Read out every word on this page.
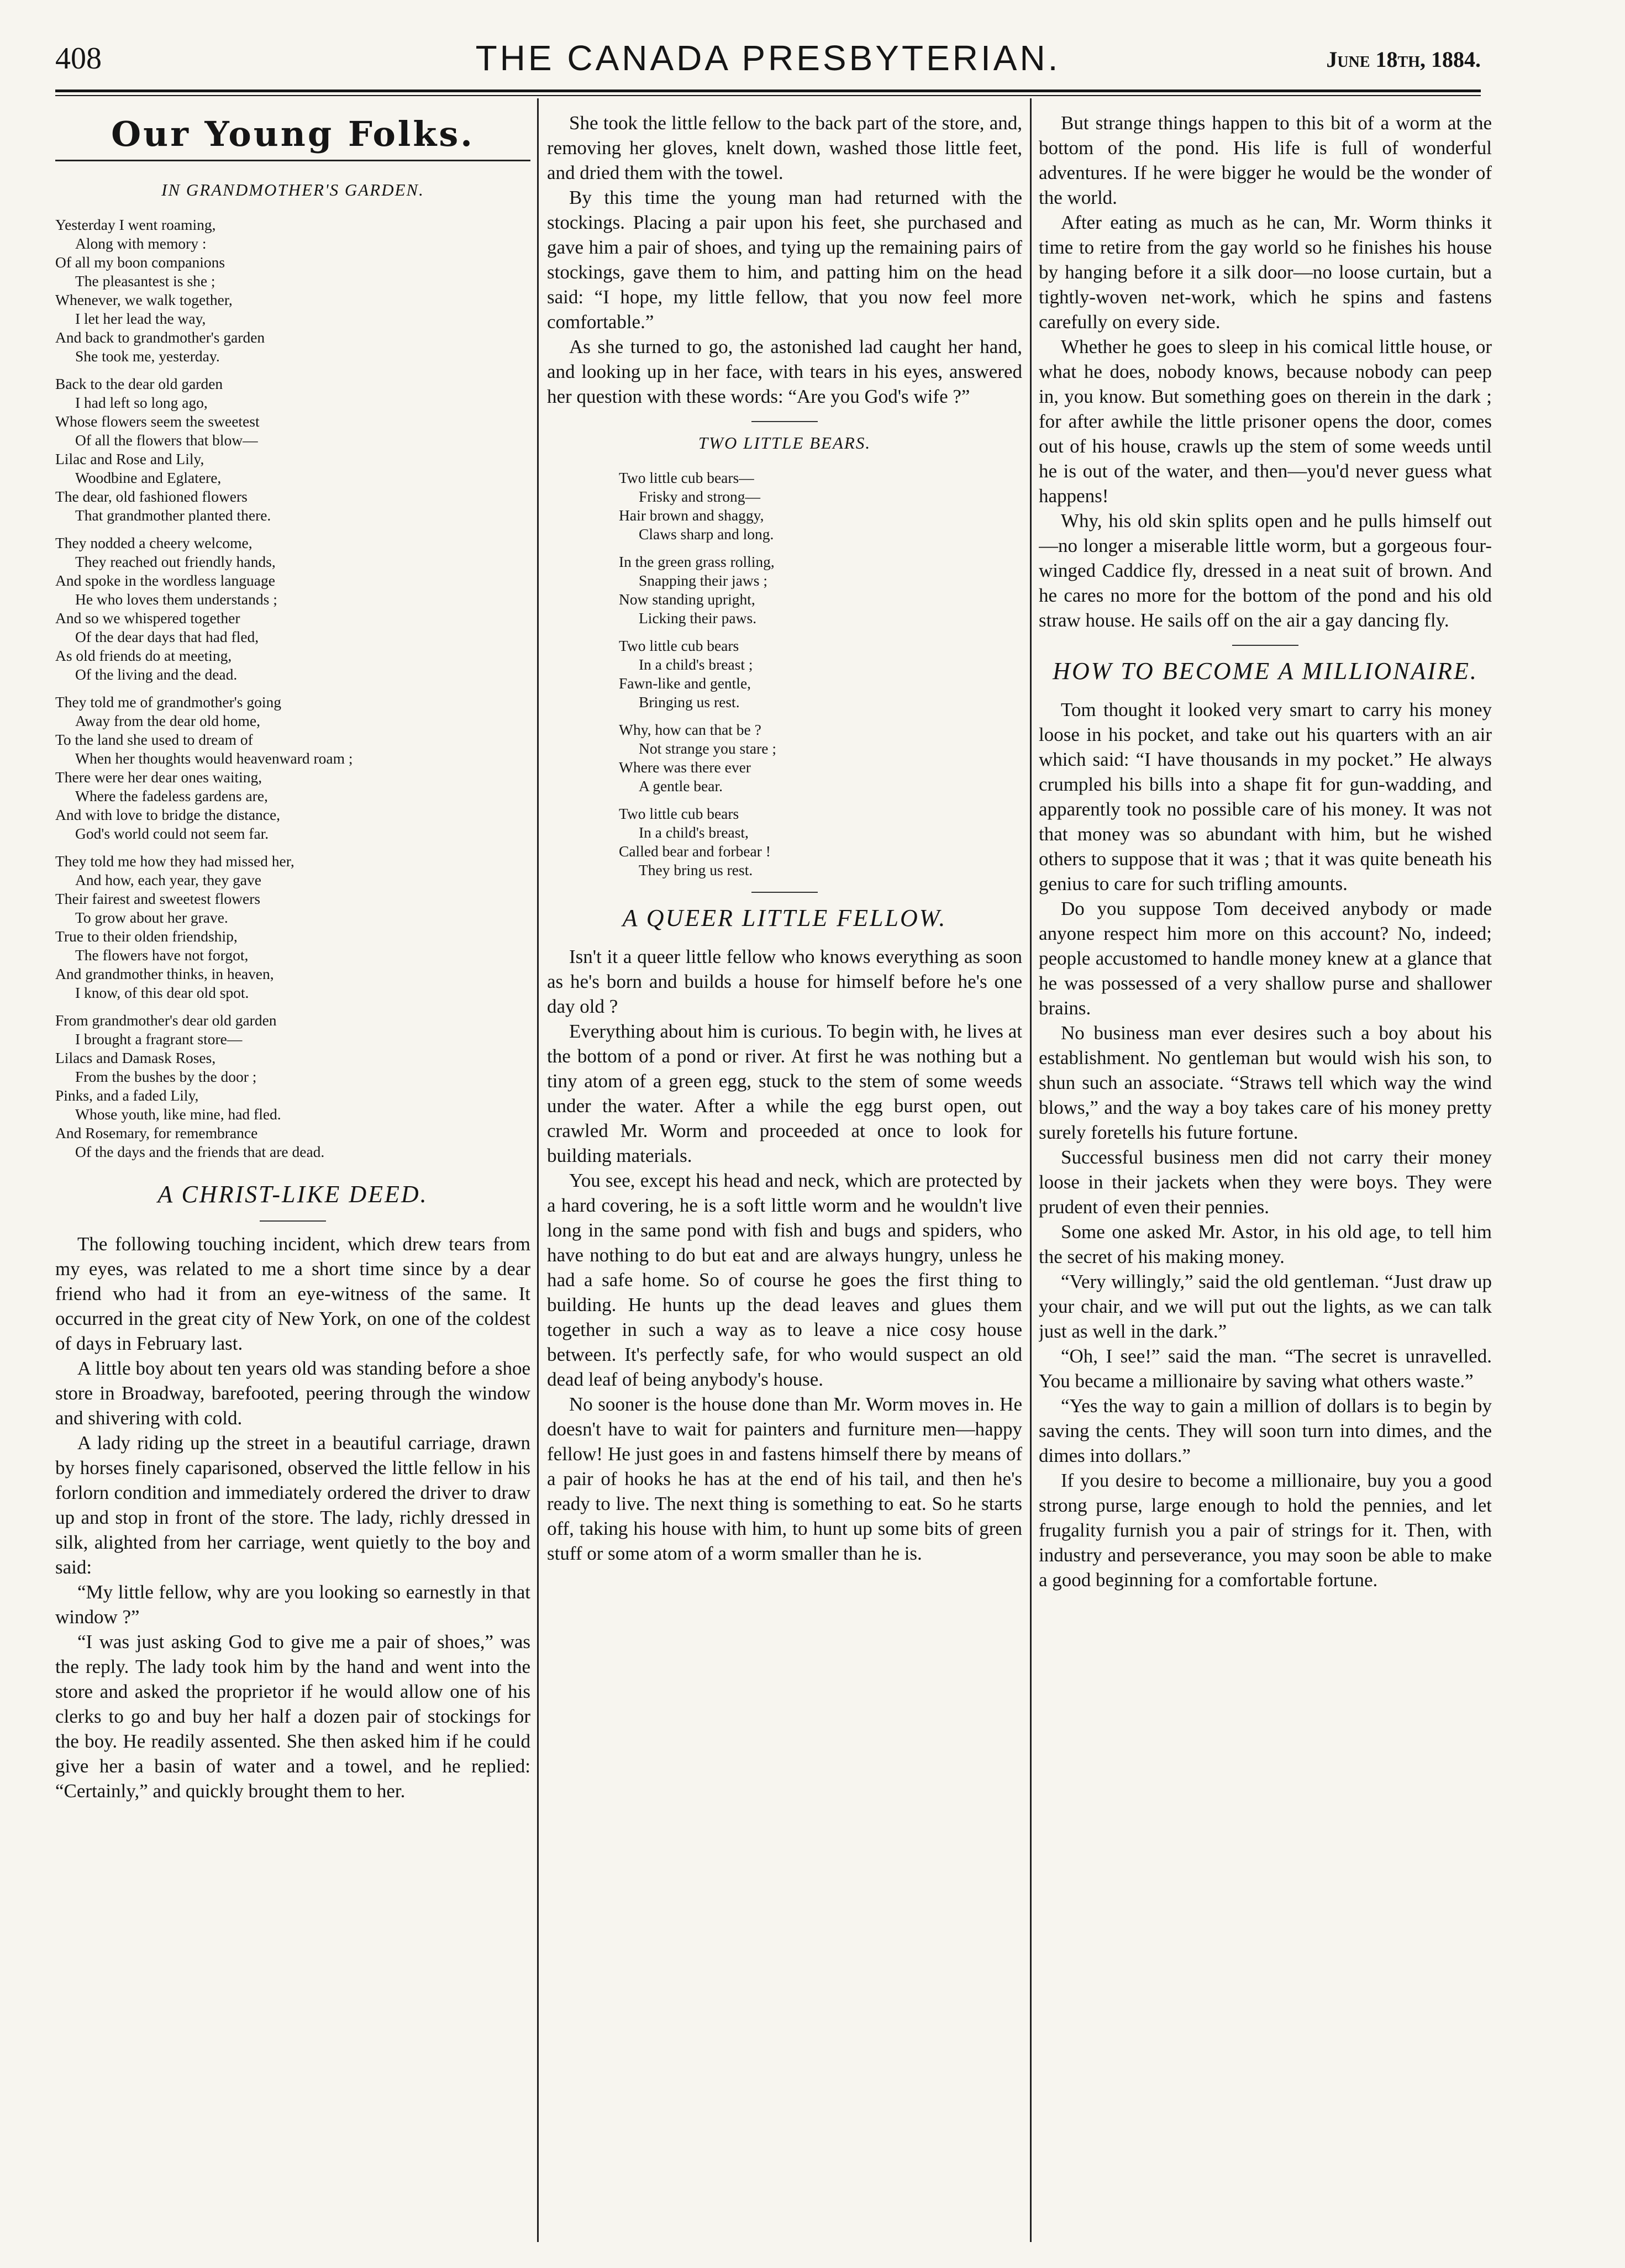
408	THE CANADA PRESBYTERIAN.	June 18th, 1884.
Our Young Folks.
IN GRANDMOTHER'S GARDEN.
Yesterday I went roaming,
Along with memory :
Of all my boon companions
The pleasantest is she ;
Whenever, we walk together,
I let her lead the way,
And back to grandmother's garden
She took me, yesterday.
Back to the dear old garden
I had left so long ago,
Whose flowers seem the sweetest
Of all the flowers that blow—
Lilac and Rose and Lily,
Woodbine and Eglatere,
The dear, old fashioned flowers
That grandmother planted there.
They nodded a cheery welcome,
They reached out friendly hands,
And spoke in the wordless language
He who loves them understands ;
And so we whispered together
Of the dear days that had fled,
As old friends do at meeting,
Of the living and the dead.
They told me of grandmother's going
Away from the dear old home,
To the land she used to dream of
When her thoughts would heavenward roam ;
There were her dear ones waiting,
Where the fadeless gardens are,
And with love to bridge the distance,
God's world could not seem far.
They told me how they had missed her,
And how, each year, they gave
Their fairest and sweetest flowers
To grow about her grave.
True to their olden friendship,
The flowers have not forgot,
And grandmother thinks, in heaven,
I know, of this dear old spot.
From grandmother's dear old garden
I brought a fragrant store—
Lilacs and Damask Roses,
From the bushes by the door ;
Pinks, and a faded Lily,
Whose youth, like mine, had fled.
And Rosemary, for remembrance
Of the days and the friends that are dead.
A CHRIST-LIKE DEED.

The following touching incident, which drew tears from my eyes, was related to me a short time since by a dear friend who had it from an eye-witness of the same. It occurred in the great city of New York, on one of the coldest of days in February last.

A little boy about ten years old was standing before a shoe store in Broadway, barefooted, peering through the window and shivering with cold.

A lady riding up the street in a beautiful carriage, drawn by horses finely caparisoned, observed the little fellow in his forlorn condition and immediately ordered the driver to draw up and stop in front of the store. The lady, richly dressed in silk, alighted from her carriage, went quietly to the boy and said:

“My little fellow, why are you looking so earnestly in that window ?”

“I was just asking God to give me a pair of shoes,” was the reply. The lady took him by the hand and went into the store and asked the proprietor if he would allow one of his clerks to go and buy her half a dozen pair of stockings for the boy. He readily assented. She then asked him if he could give her a basin of water and a towel, and he replied: “Certainly,” and quickly brought them to her.

She took the little fellow to the back part of the store, and, removing her gloves, knelt down, washed those little feet, and dried them with the towel.

By this time the young man had returned with the stockings. Placing a pair upon his feet, she purchased and gave him a pair of shoes, and tying up the remaining pairs of stockings, gave them to him, and patting him on the head said: “I hope, my little fellow, that you now feel more comfortable.”

As she turned to go, the astonished lad caught her hand, and looking up in her face, with tears in his eyes, answered her question with these words: “Are you God's wife ?”

TWO LITTLE BEARS.
Two little cub bears—
Frisky and strong—
Hair brown and shaggy,
Claws sharp and long.
In the green grass rolling,
Snapping their jaws ;
Now standing upright,
Licking their paws.
Two little cub bears
In a child's breast ;
Fawn-like and gentle,
Bringing us rest.
Why, how can that be ?
Not strange you stare ;
Where was there ever
A gentle bear.
Two little cub bears
In a child's breast,
Called bear and forbear !
They bring us rest.
A QUEER LITTLE FELLOW.

Isn't it a queer little fellow who knows everything as soon as he's born and builds a house for himself before he's one day old ?

Everything about him is curious. To begin with, he lives at the bottom of a pond or river. At first he was nothing but a tiny atom of a green egg, stuck to the stem of some weeds under the water. After a while the egg burst open, out crawled Mr. Worm and proceeded at once to look for building materials.

You see, except his head and neck, which are protected by a hard covering, he is a soft little worm and he wouldn't live long in the same pond with fish and bugs and spiders, who have nothing to do but eat and are always hungry, unless he had a safe home. So of course he goes the first thing to building. He hunts up the dead leaves and glues them together in such a way as to leave a nice cosy house between. It's perfectly safe, for who would suspect an old dead leaf of being anybody's house.

No sooner is the house done than Mr. Worm moves in. He doesn't have to wait for painters and furniture men—happy fellow! He just goes in and fastens himself there by means of a pair of hooks he has at the end of his tail, and then he's ready to live. The next thing is something to eat. So he starts off, taking his house with him, to hunt up some bits of green stuff or some atom of a worm smaller than he is.

But strange things happen to this bit of a worm at the bottom of the pond. His life is full of wonderful adventures. If he were bigger he would be the wonder of the world.

After eating as much as he can, Mr. Worm thinks it time to retire from the gay world so he finishes his house by hanging before it a silk door—no loose curtain, but a tightly-woven net-work, which he spins and fastens carefully on every side.

Whether he goes to sleep in his comical little house, or what he does, nobody knows, because nobody can peep in, you know. But something goes on therein in the dark ; for after awhile the little prisoner opens the door, comes out of his house, crawls up the stem of some weeds until he is out of the water, and then—you'd never guess what happens!

Why, his old skin splits open and he pulls himself out—no longer a miserable little worm, but a gorgeous four-winged Caddice fly, dressed in a neat suit of brown. And he cares no more for the bottom of the pond and his old straw house. He sails off on the air a gay dancing fly.

HOW TO BECOME A MILLIONAIRE.

Tom thought it looked very smart to carry his money loose in his pocket, and take out his quarters with an air which said: “I have thousands in my pocket.” He always crumpled his bills into a shape fit for gun-wadding, and apparently took no possible care of his money. It was not that money was so abundant with him, but he wished others to suppose that it was ; that it was quite beneath his genius to care for such trifling amounts.

Do you suppose Tom deceived anybody or made anyone respect him more on this account? No, indeed; people accustomed to handle money knew at a glance that he was possessed of a very shallow purse and shallower brains.

No business man ever desires such a boy about his establishment. No gentleman but would wish his son, to shun such an associate. “Straws tell which way the wind blows,” and the way a boy takes care of his money pretty surely foretells his future fortune.

Successful business men did not carry their money loose in their jackets when they were boys. They were prudent of even their pennies.

Some one asked Mr. Astor, in his old age, to tell him the secret of his making money.

“Very willingly,” said the old gentleman. “Just draw up your chair, and we will put out the lights, as we can talk just as well in the dark.”

“Oh, I see!” said the man. “The secret is unravelled. You became a millionaire by saving what others waste.”

“Yes the way to gain a million of dollars is to begin by saving the cents. They will soon turn into dimes, and the dimes into dollars.”

If you desire to become a millionaire, buy you a good strong purse, large enough to hold the pennies, and let frugality furnish you a pair of strings for it. Then, with industry and perseverance, you may soon be able to make a good beginning for a comfortable fortune.
